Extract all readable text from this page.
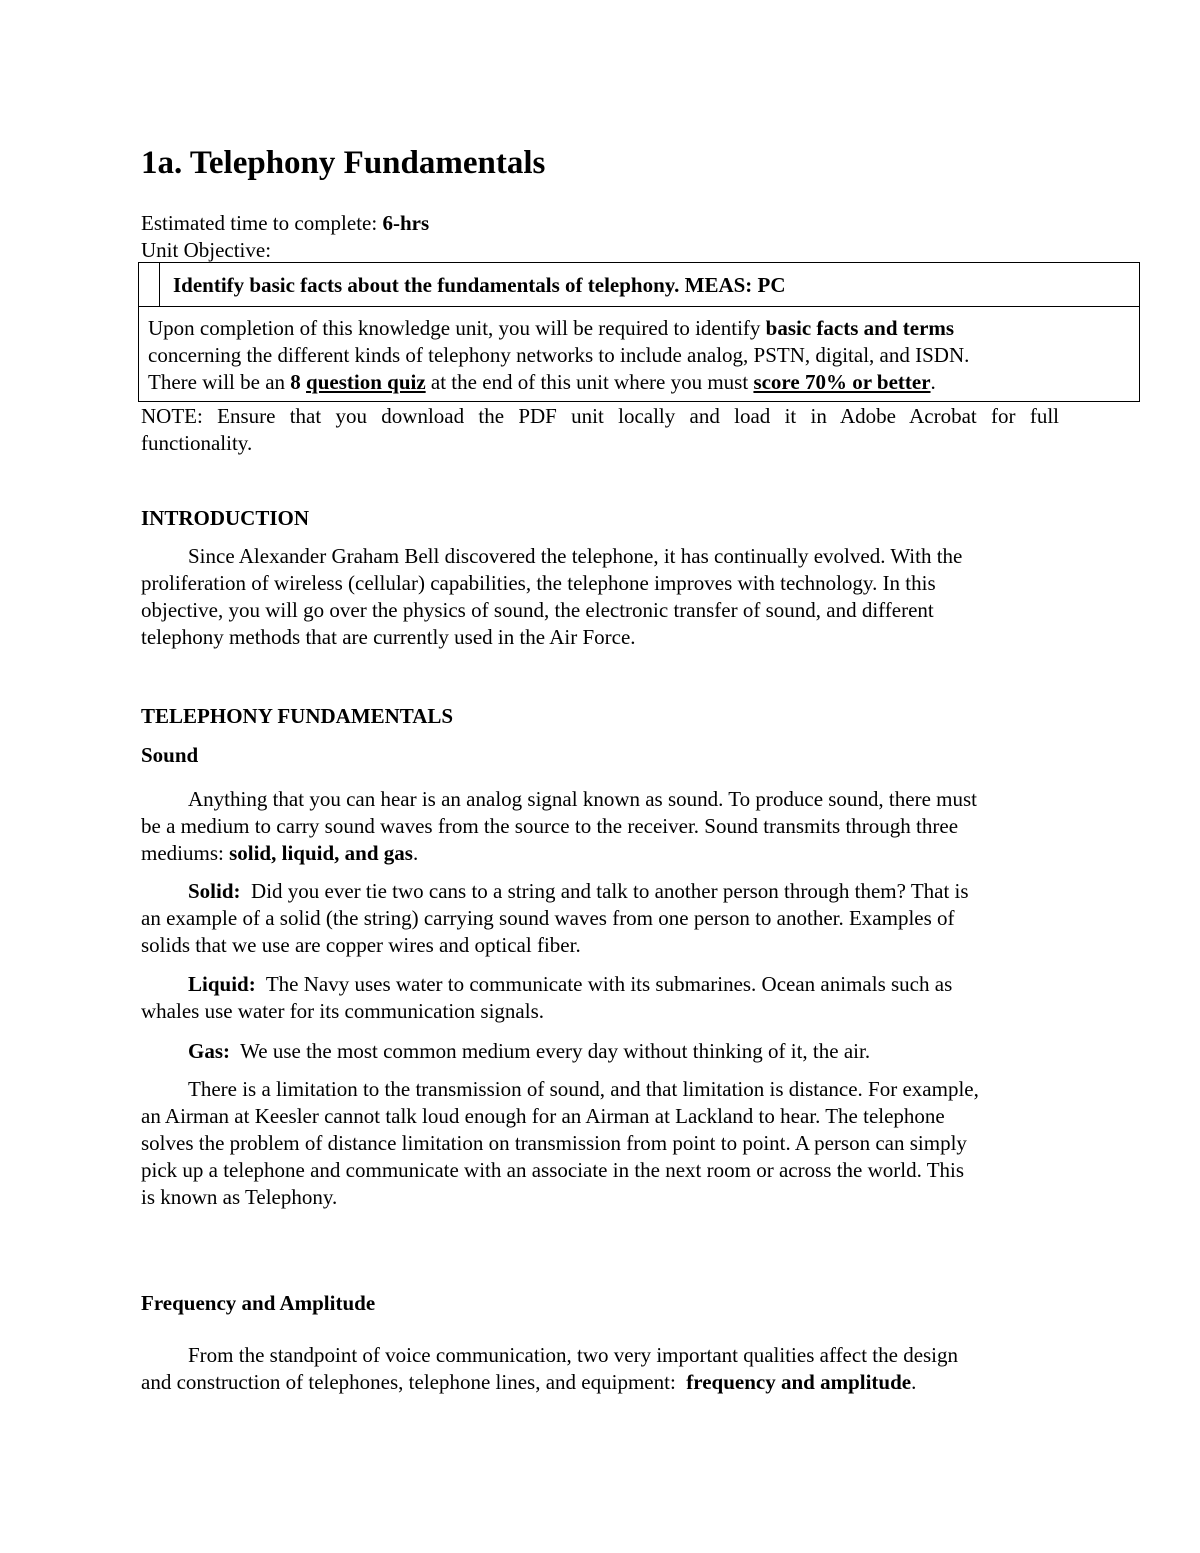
1a. Telephony Fundamentals
Estimated time to complete: 6-hrs
Unit Objective:
Identify basic facts about the fundamentals of telephony. MEAS: PC
Upon completion of this knowledge unit, you will be required to identify basic facts and terms
concerning the different kinds of telephony networks to include analog, PSTN, digital, and ISDN.
There will be an 8 question quiz at the end of this unit where you must score 70% or better.
NOTE: Ensure that you download the PDF unit locally and load it in Adobe Acrobat for full
functionality.
INTRODUCTION
Since Alexander Graham Bell discovered the telephone, it has continually evolved. With the
proliferation of wireless (cellular) capabilities, the telephone improves with technology. In this
objective, you will go over the physics of sound, the electronic transfer of sound, and different
telephony methods that are currently used in the Air Force.
TELEPHONY FUNDAMENTALS
Sound
Anything that you can hear is an analog signal known as sound. To produce sound, there must
be a medium to carry sound waves from the source to the receiver. Sound transmits through three
mediums: solid, liquid, and gas.
Solid: Did you ever tie two cans to a string and talk to another person through them? That is
an example of a solid (the string) carrying sound waves from one person to another. Examples of
solids that we use are copper wires and optical fiber.
Liquid: The Navy uses water to communicate with its submarines. Ocean animals such as
whales use water for its communication signals.
Gas: We use the most common medium every day without thinking of it, the air.
There is a limitation to the transmission of sound, and that limitation is distance. For example,
an Airman at Keesler cannot talk loud enough for an Airman at Lackland to hear. The telephone
solves the problem of distance limitation on transmission from point to point. A person can simply
pick up a telephone and communicate with an associate in the next room or across the world. This
is known as Telephony.
Frequency and Amplitude
From the standpoint of voice communication, two very important qualities affect the design
and construction of telephones, telephone lines, and equipment: frequency and amplitude.
